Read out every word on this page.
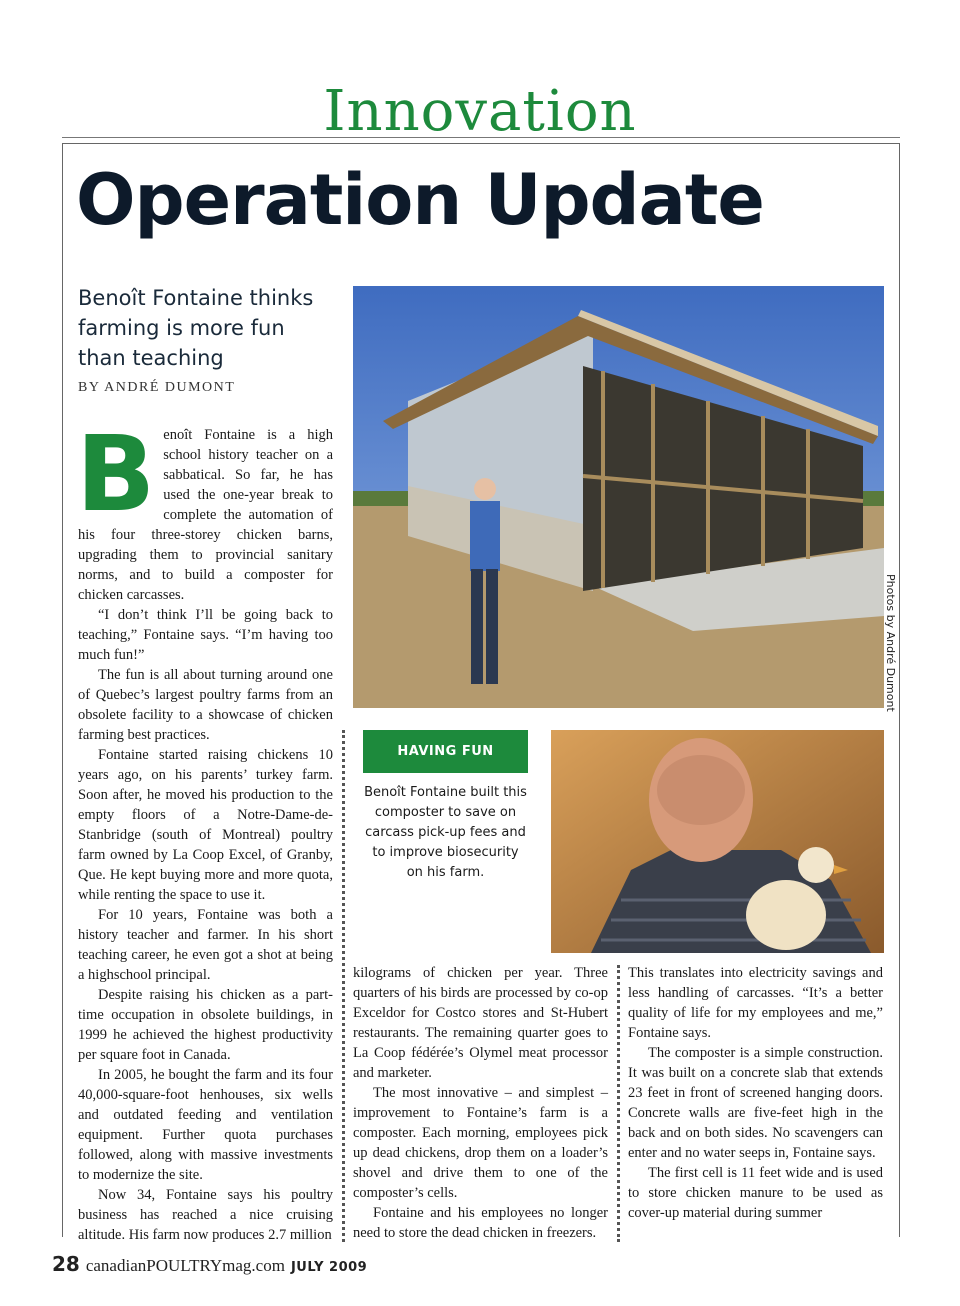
Innovation
Operation Update
Benoît Fontaine thinks farming is more fun than teaching
BY ANDRÉ DUMONT

Benoît Fontaine is a high school history teacher on a sabbatical. So far, he has used the one-year break to complete the automation of his four three-storey chicken barns, upgrading them to provincial sanitary norms, and to build a composter for chicken carcasses.

“I don’t think I’ll be going back to teaching,” Fontaine says. “I’m having too much fun!”

The fun is all about turning around one of Quebec’s largest poultry farms from an obsolete facility to a showcase of chicken farming best practices.

Fontaine started raising chickens 10 years ago, on his parents’ turkey farm. Soon after, he moved his production to the empty floors of a Notre-Dame-de-Stanbridge (south of Montreal) poultry farm owned by La Coop Excel, of Granby, Que. He kept buying more and more quota, while renting the space to use it.

For 10 years, Fontaine was both a history teacher and farmer. In his short teaching career, he even got a shot at being a highschool principal.

Despite raising his chicken as a part-time occupation in obsolete buildings, in 1999 he achieved the highest productivity per square foot in Canada.

In 2005, he bought the farm and its four 40,000-square-foot henhouses, six wells and outdated feeding and ventilation equipment. Further quota purchases followed, along with massive investments to modernize the site.

Now 34, Fontaine says his poultry business has reached a nice cruising altitude. His farm now produces 2.7 million

kilograms of chicken per year. Three quarters of his birds are processed by co-op Exceldor for Costco stores and St-Hubert restaurants. The remaining quarter goes to La Coop fédérée’s Olymel meat processor and marketer.

The most innovative – and simplest – improvement to Fontaine’s farm is a composter. Each morning, employees pick up dead chickens, drop them on a loader’s shovel and drive them to one of the composter’s cells.

Fontaine and his employees no longer need to store the dead chicken in freezers.

This translates into electricity savings and less handling of carcasses. “It’s a better quality of life for my employees and me,” Fontaine says.

The composter is a simple construction. It was built on a concrete slab that extends 23 feet in front of screened hanging doors. Concrete walls are five-feet high in the back and on both sides. No scavengers can enter and no water seeps in, Fontaine says.

The first cell is 11 feet wide and is used to store chicken manure to be used as cover-up material during summer

Photos by André Dumont
HAVING FUN
Benoît Fontaine built this composter to save on carcass pick-up fees and to improve biosecurity on his farm.
28 canadianPOULTRYmag.com JULY 2009
